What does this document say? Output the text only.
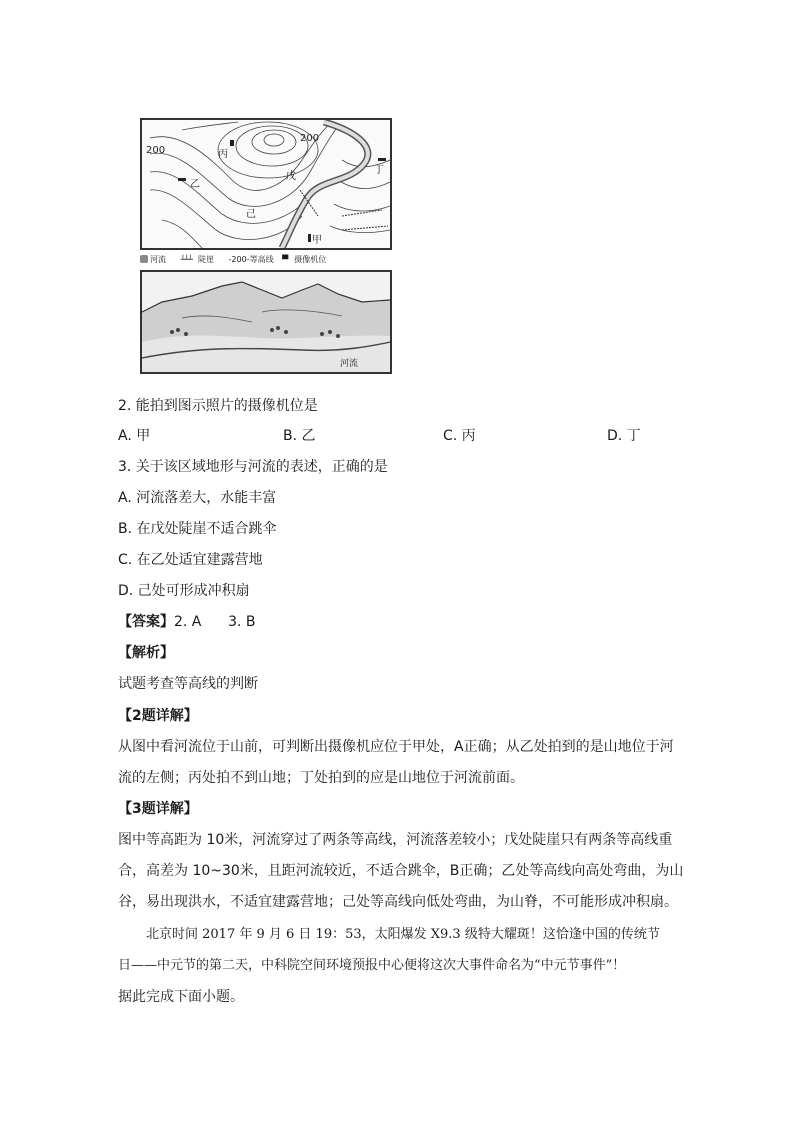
200
200
丙
乙
戊
己
丁
甲
河流 ┴┴┴陡崖 -200-等高线 ▀摄像机位
河流
2. 能拍到图示照片的摄像机位是
A. 甲	B. 乙	C. 丙	D. 丁
3. 关于该区域地形与河流的表述，正确的是
A. 河流落差大，水能丰富
B. 在戊处陡崖不适合跳伞
C. 在乙处适宜建露营地
D. 己处可形成冲积扇
【答案】2. A      3. B
【解析】
试题考查等高线的判断
【2题详解】
从图中看河流位于山前，可判断出摄像机应位于甲处，A正确；从乙处拍到的是山地位于河
流的左侧；丙处拍不到山地；丁处拍到的应是山地位于河流前面。
【3题详解】
图中等高距为 10米，河流穿过了两条等高线，河流落差较小；戊处陡崖只有两条等高线重
合，高差为 10~30米，且距河流较近，不适合跳伞，B正确；乙处等高线向高处弯曲，为山
谷，易出现洪水，不适宜建露营地；己处等高线向低处弯曲，为山脊，不可能形成冲积扇。
北京时间 2017 年 9 月 6 日 19：53，太阳爆发 X9.3 级特大耀斑！这恰逢中国的传统节
日——中元节的第二天，中科院空间环境预报中心便将这次大事件命名为“中元节事件”！
据此完成下面小题。
